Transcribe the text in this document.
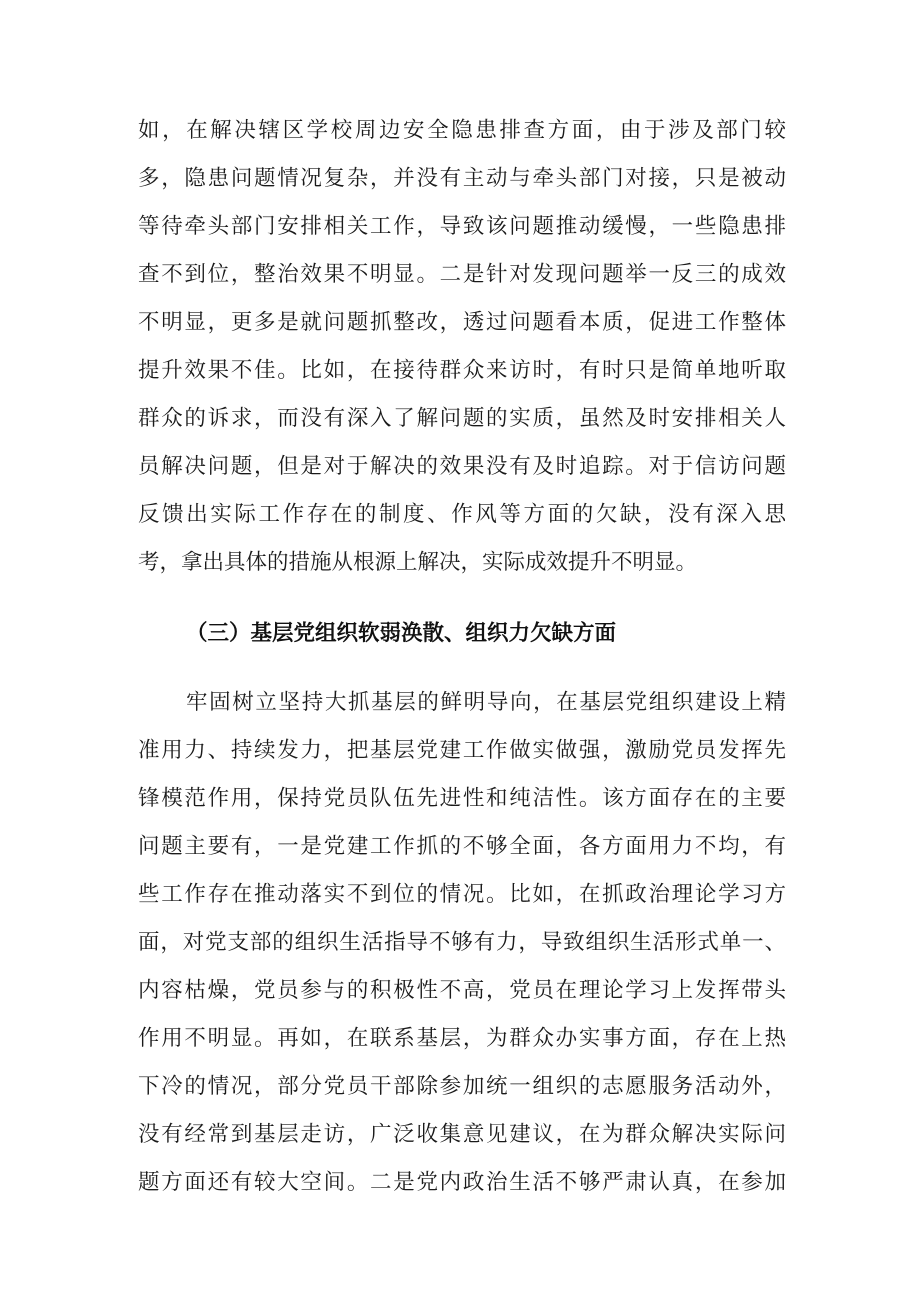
如，在解决辖区学校周边安全隐患排查方面，由于涉及部门较
多，隐患问题情况复杂，并没有主动与牵头部门对接，只是被动
等待牵头部门安排相关工作，导致该问题推动缓慢，一些隐患排
查不到位，整治效果不明显。二是针对发现问题举一反三的成效
不明显，更多是就问题抓整改，透过问题看本质，促进工作整体
提升效果不佳。比如，在接待群众来访时，有时只是简单地听取
群众的诉求，而没有深入了解问题的实质，虽然及时安排相关人
员解决问题，但是对于解决的效果没有及时追踪。对于信访问题
反馈出实际工作存在的制度、作风等方面的欠缺，没有深入思
考，拿出具体的措施从根源上解决，实际成效提升不明显。
（三）基层党组织软弱涣散、组织力欠缺方面
牢固树立坚持大抓基层的鲜明导向，在基层党组织建设上精
准用力、持续发力，把基层党建工作做实做强，激励党员发挥先
锋模范作用，保持党员队伍先进性和纯洁性。该方面存在的主要
问题主要有，一是党建工作抓的不够全面，各方面用力不均，有
些工作存在推动落实不到位的情况。比如，在抓政治理论学习方
面，对党支部的组织生活指导不够有力，导致组织生活形式单一、
内容枯燥，党员参与的积极性不高，党员在理论学习上发挥带头
作用不明显。再如，在联系基层，为群众办实事方面，存在上热
下冷的情况，部分党员干部除参加统一组织的志愿服务活动外，
没有经常到基层走访，广泛收集意见建议，在为群众解决实际问
题方面还有较大空间。二是党内政治生活不够严肃认真，在参加
